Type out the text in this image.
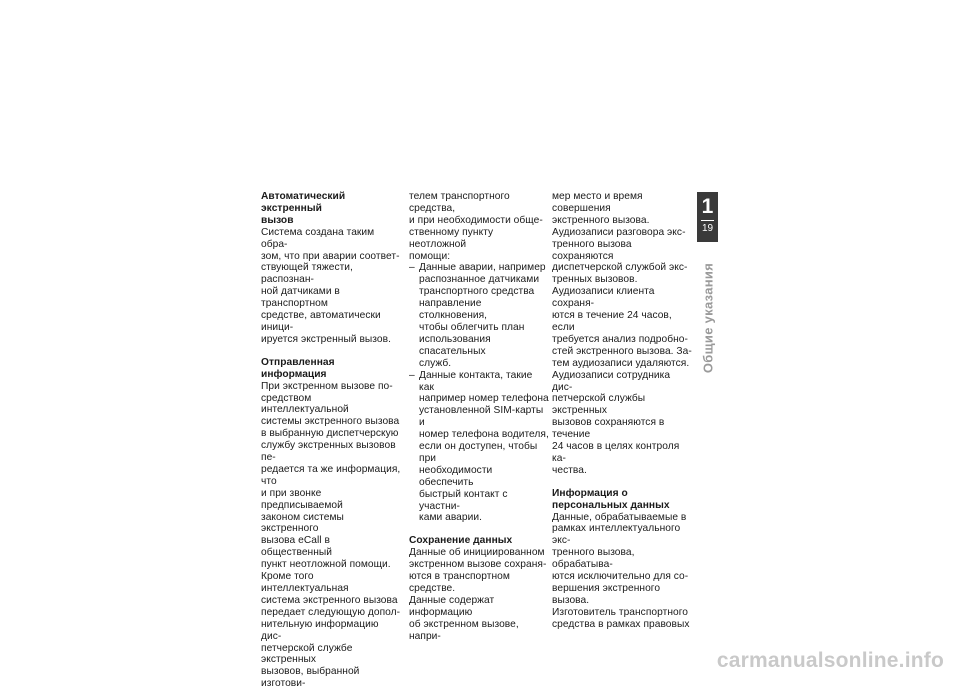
Автоматический экстренный
вызов
Система создана таким обра-
зом, что при аварии соответ-
ствующей тяжести, распознан-
ной датчиками в транспортном
средстве, автоматически иници-
ируется экстренный вызов.
Отправленная информация
При экстренном вызове по-
средством интеллектуальной
системы экстренного вызова
в выбранную диспетчерскую
службу экстренных вызовов пе-
редается та же информация, что
и при звонке предписываемой
законом системы экстренного
вызова eCall в общественный
пункт неотложной помощи.
Кроме того интеллектуальная
система экстренного вызова
передает следующую допол-
нительную информацию дис-
петчерской службе экстренных
вызовов, выбранной изготови-
телем транспортного средства,
и при необходимости обще-
ственному пункту неотложной
помощи:
– Данные аварии, например
распознанное датчиками
транспортного средства
направление столкновения,
чтобы облегчить план
использования спасательных
служб.
– Данные контакта, такие как
например номер телефона
установленной SIM-карты и
номер телефона водителя,
если он доступен, чтобы при
необходимости обеспечить
быстрый контакт с участни-
ками аварии.
Сохранение данных
Данные об инициированном
экстренном вызове сохраня-
ются в транспортном средстве.
Данные содержат информацию
об экстренном вызове, напри-
мер место и время совершения
экстренного вызова.
Аудиозаписи разговора экс-
тренного вызова сохраняются
диспетчерской службой экс-
тренных вызовов.
Аудиозаписи клиента сохраня-
ются в течение 24 часов, если
требуется анализ подробно-
стей экстренного вызова. За-
тем аудиозаписи удаляются.
Аудиозаписи сотрудника дис-
петчерской службы экстренных
вызовов сохраняются в течение
24 часов в целях контроля ка-
чества.
Информация о
персональных данных
Данные, обрабатываемые в
рамках интеллектуального экс-
тренного вызова, обрабатыва-
ются исключительно для со-
вершения экстренного вызова.
Изготовитель транспортного
средства в рамках правовых
1
19
Общие указания
carmanualsonline.info
